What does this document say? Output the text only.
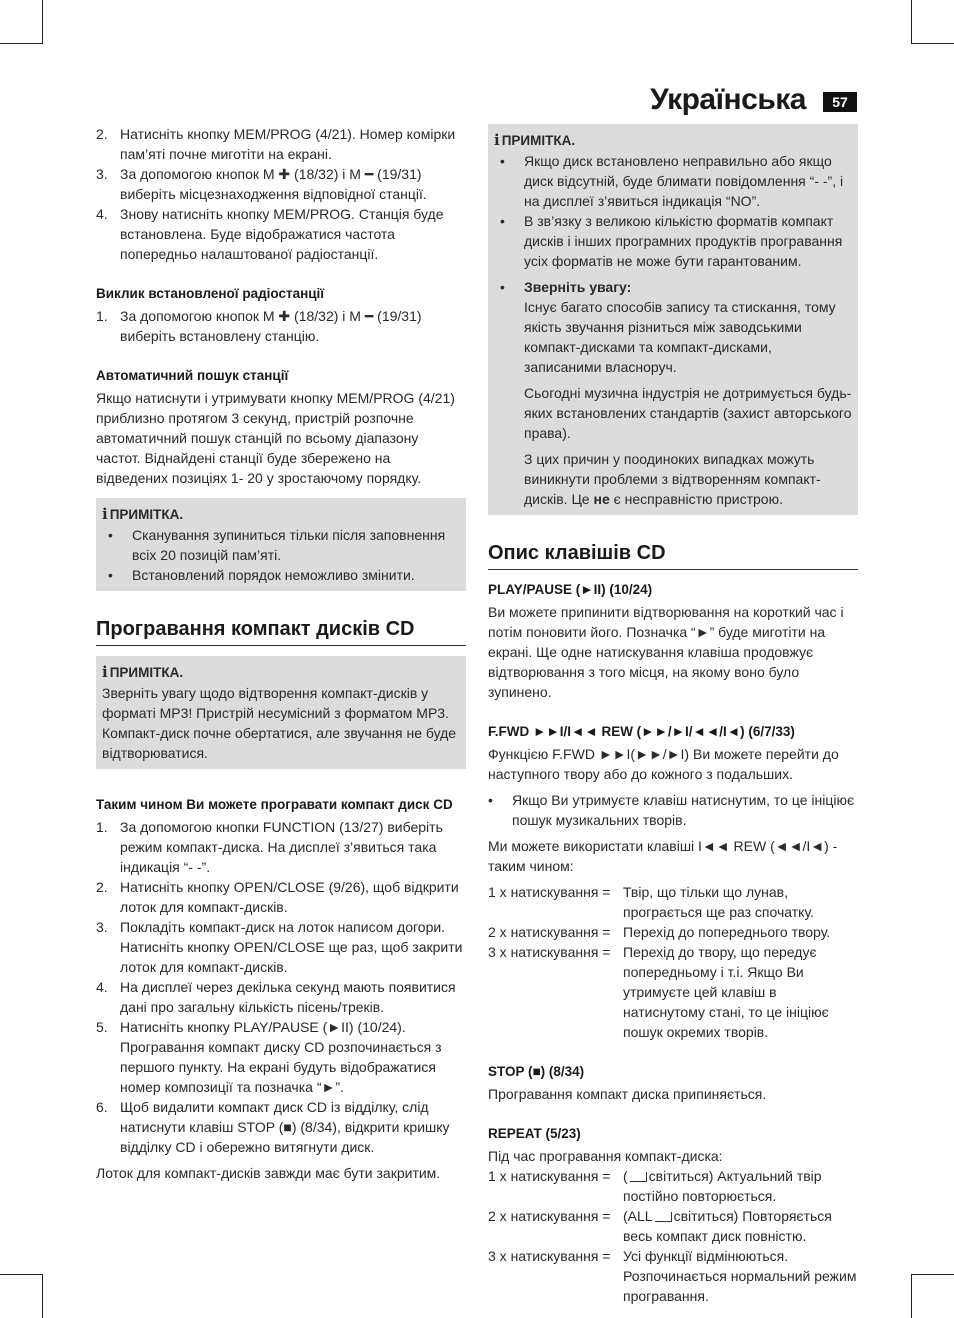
Українська	57
2. Натисніть кнопку MEM/PROG (4/21). Номер комірки пам’яті почне миготіти на екрані.
3. За допомогою кнопок M ✚ (18/32) і M ━ (19/31) виберіть місцезнаходження відповідної станції.
4. Знову натисніть кнопку MEM/PROG. Станція буде встановлена. Буде відображатися частота попередньо налаштованої радіостанції.
Виклик встановленої радіостанції
1. За допомогою кнопок M ✚ (18/32) і M ━ (19/31) виберіть встановлену станцію.
Автоматичний пошук станції

Якщо натиснути і утримувати кнопку MEM/PROG (4/21) приблизно протягом 3 секунд, пристрій розпочне автоматичний пошук станцій по всьому діапазону частот. Віднайдені станції буде збережено на відведених позиціях 1- 20 у зростаючому порядку.

i ПРИМІТКА.
• Сканування зупиниться тільки після заповнення всіх 20 позицій пам’яті.
• Встановлений порядок неможливо змінити.
Програвання компакт дисків CD
i ПРИМІТКА.

Зверніть увагу щодо відтворення компакт-дисків у форматі MP3! Пристрій несумісний з форматом MP3. Компакт-диск почне обертатися, але звучання не буде відтворюватися.

Таким чином Ви можете програвати компакт диск CD
1. За допомогою кнопки FUNCTION (13/27) виберіть режим компакт-диска. На дисплеї з’явиться така індикація “- -”.
2. Натисніть кнопку OPEN/CLOSE (9/26), щоб відкрити лоток для компакт-дисків.
3. Покладіть компакт-диск на лоток написом догори. Натисніть кнопку OPEN/CLOSE ще раз, щоб закрити лоток для компакт-дисків.
4. На дисплеї через декілька секунд мають появитися дані про загальну кількість пісень/треків.
5. Натисніть кнопку PLAY/PAUSE (►II) (10/24). Програвання компакт диску CD розпочинається з першого пункту. На екрані будуть відображатися номер композиції та позначка “►”.
6. Щоб видалити компакт диск CD із відділку, слід натиснути клавіш STOP (■) (8/34), відкрити кришку відділку CD і обережно витягнути диск.

Лоток для компакт-дисків завжди має бути закритим.

i ПРИМІТКА.
• Якщо диск встановлено неправильно або якщо диск відсутній, буде блимати повідомлення “- -”, і на дисплеї з’явиться індикація “NO”.
• В зв’язку з великою кількістю форматів компакт дисків і інших програмних продуктів програвання усіх форматів не може бути гарантованим.
• Зверніть увагу:

Існує багато способів запису та стискання, тому якість звучання різниться між заводськими компакт-дисками та компакт-дисками, записаними власноруч.

Сьогодні музична індустрія не дотримується будь-яких встановлених стандартів (захист авторського права).

З цих причин у поодиноких випадках можуть виникнути проблеми з відтворенням компакт-дисків. Це не є несправністю пристрою.

Опис клавішів CD
PLAY/PAUSE (►II) (10/24)

Ви можете припинити відтворювання на короткий час і потім поновити його. Позначка “►” буде миготіти на екрані. Ще одне натискування клавіша продовжує відтворювання з того місця, на якому воно було зупинено.

F.FWD ►►I/I◄◄ REW (►►/►I/◄◄/I◄) (6/7/33)

Функцією F.FWD ►►I(►►/►I) Ви можете перейти до наступного твору або до кожного з подальших.

• Якщо Ви утримуєте клавіш натиснутим, то це ініціює пошук музикальних творів.

Ми можете використати клавіші I◄◄ REW (◄◄/I◄) - таким чином:

1 х натискування = Твір, що тільки що лунав, програється ще раз спочатку.
2 х натискування = Перехід до попереднього твору.
3 х натискування = Перехід до твору, що передує попередньому і т.і. Якщо Ви утримуєте цей клавіш в натиснутому стані, то це ініціює пошук окремих творів.
STOP (■) (8/34)

Програвання компакт диска припиняється.

REPEAT (5/23)

Під час програвання компакт-диска:

1 х натискування = ( світиться) Актуальний твір постійно повторюється.
2 х натискування = (ALL світиться) Повторяється весь компакт диск повністю.
3 х натискування = Усі функції відмінюються. Розпочинається нормальний режим програвання.
